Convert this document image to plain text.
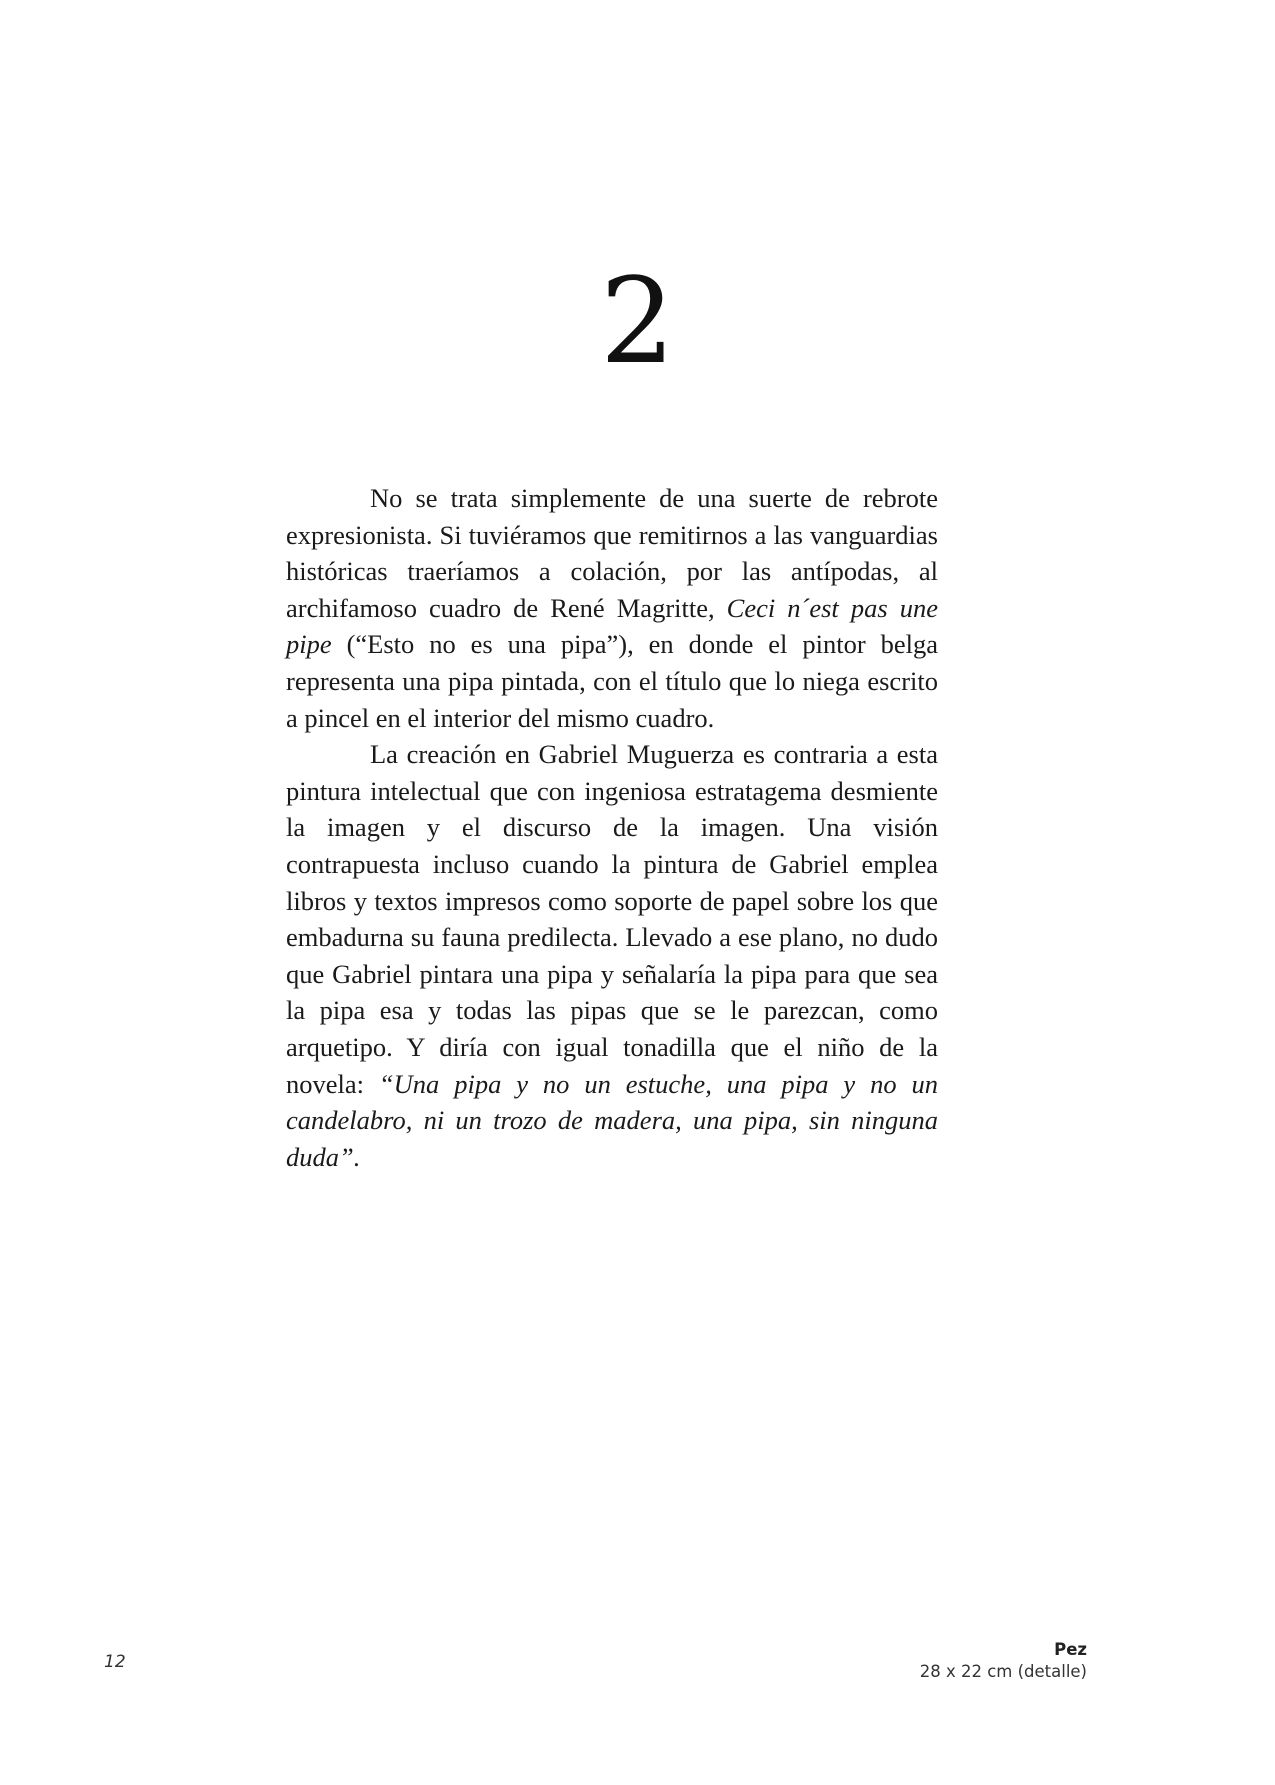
2

No se trata simplemente de una suerte de rebrote expresionista. Si tuviéramos que remitirnos a las vanguardias históricas traeríamos a colación, por las antípodas, al archifamoso cuadro de René Magritte, Ceci n´est pas une pipe (“Esto no es una pipa”), en donde el pintor belga representa una pipa pintada, con el título que lo niega escrito a pincel en el interior del mismo cuadro.

La creación en Gabriel Muguerza es contraria a esta pintura intelectual que con ingeniosa estratagema desmiente la imagen y el discurso de la imagen. Una visión contrapuesta incluso cuando la pintura de Gabriel emplea libros y textos impresos como soporte de papel sobre los que embadurna su fauna predilecta. Llevado a ese plano, no dudo que Gabriel pintara una pipa y señalaría la pipa para que sea la pipa esa y todas las pipas que se le parezcan, como arquetipo. Y diría con igual tonadilla que el niño de la novela: “Una pipa y no un estuche, una pipa y no un candelabro, ni un trozo de madera, una pipa, sin ninguna duda”.

Pez
28 x 22 cm (detalle)
12
